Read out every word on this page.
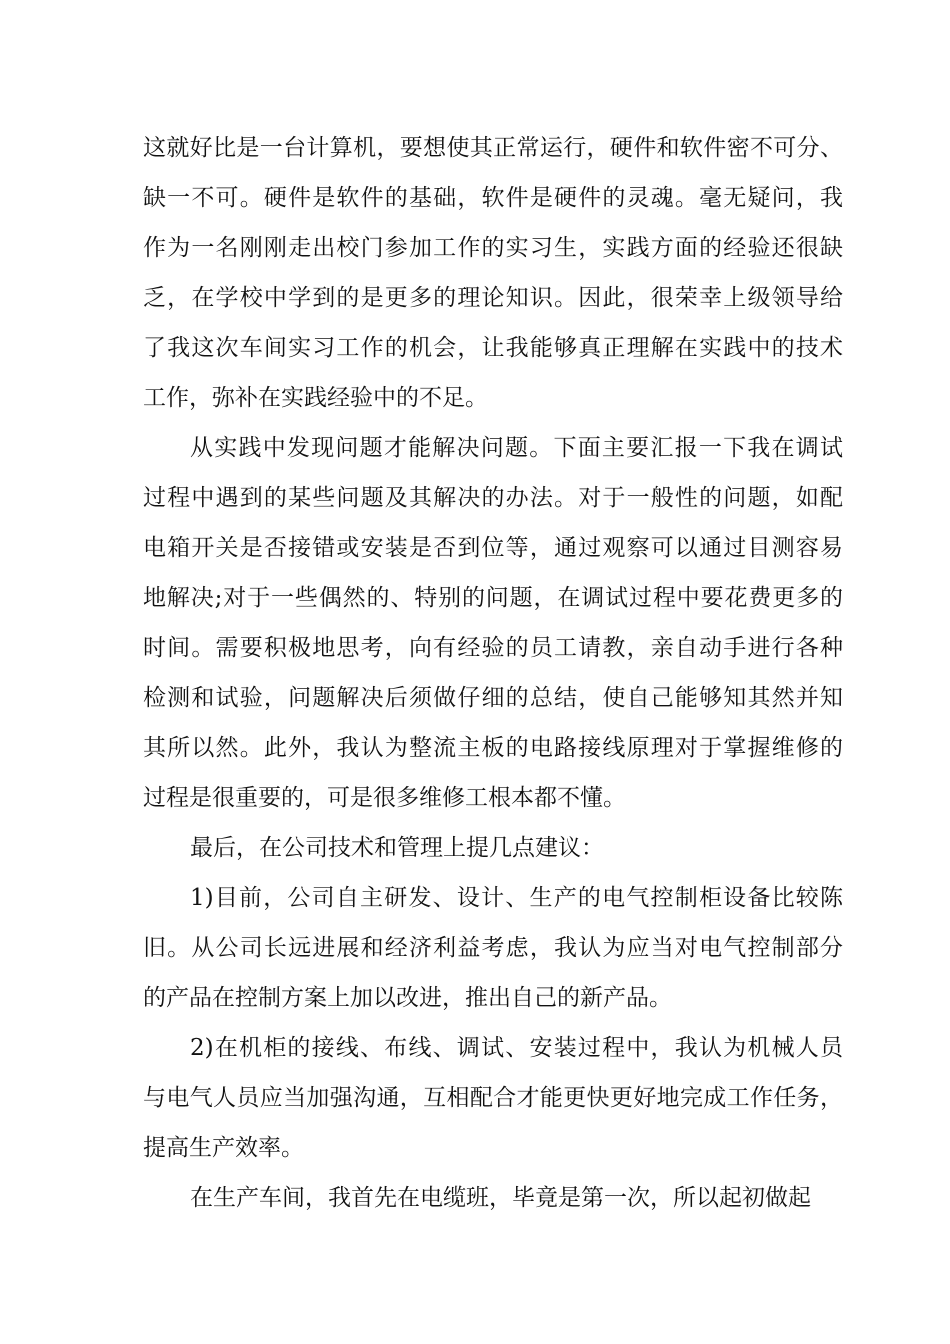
这就好比是一台计算机，要想使其正常运行，硬件和软件密不可分、
缺一不可。硬件是软件的基础，软件是硬件的灵魂。毫无疑问，我
作为一名刚刚走出校门参加工作的实习生，实践方面的经验还很缺
乏，在学校中学到的是更多的理论知识。因此，很荣幸上级领导给
了我这次车间实习工作的机会，让我能够真正理解在实践中的技术
工作，弥补在实践经验中的不足。
从实践中发现问题才能解决问题。下面主要汇报一下我在调试
过程中遇到的某些问题及其解决的办法。对于一般性的问题，如配
电箱开关是否接错或安装是否到位等，通过观察可以通过目测容易
地解决;对于一些偶然的、特别的问题，在调试过程中要花费更多的
时间。需要积极地思考，向有经验的员工请教，亲自动手进行各种
检测和试验，问题解决后须做仔细的总结，使自己能够知其然并知
其所以然。此外，我认为整流主板的电路接线原理对于掌握维修的
过程是很重要的，可是很多维修工根本都不懂。
最后，在公司技术和管理上提几点建议：
1)目前，公司自主研发、设计、生产的电气控制柜设备比较陈
旧。从公司长远进展和经济利益考虑，我认为应当对电气控制部分
的产品在控制方案上加以改进，推出自己的新产品。
2)在机柜的接线、布线、调试、安装过程中，我认为机械人员
与电气人员应当加强沟通，互相配合才能更快更好地完成工作任务，
提高生产效率。
在生产车间，我首先在电缆班，毕竟是第一次，所以起初做起
